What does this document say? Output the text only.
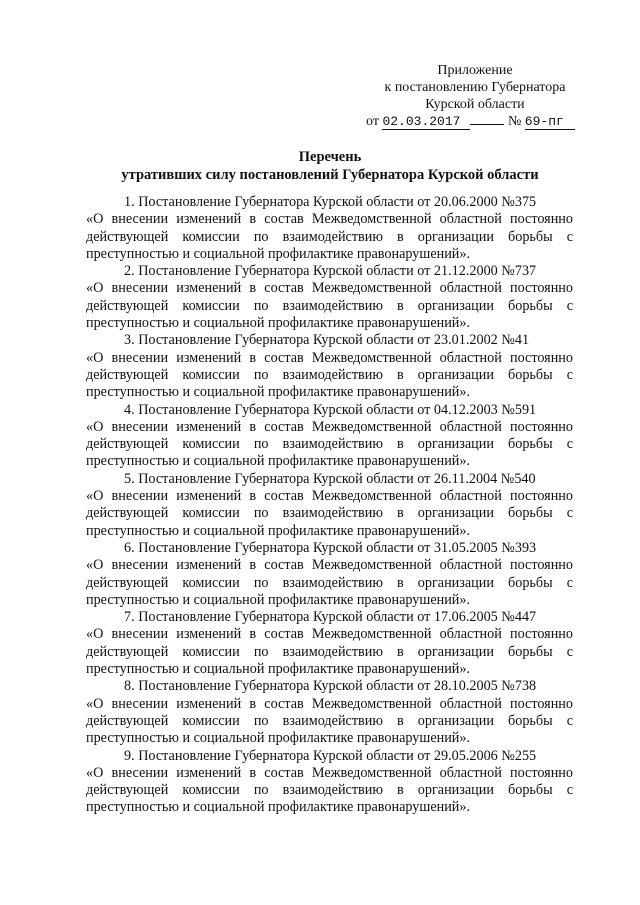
Приложение
к постановлению Губернатора
Курской области
от 02.03.2017	№ 69-пг
Перечень
утративших силу постановлений Губернатора Курской области
1. Постановление Губернатора Курской области от 20.06.2000 №375
«О внесении изменений в состав Межведомственной областной постоянно действующей комиссии по взаимодействию в организации борьбы с преступностью и социальной профилактике правонарушений».
2. Постановление Губернатора Курской области от 21.12.2000 №737
«О внесении изменений в состав Межведомственной областной постоянно действующей комиссии по взаимодействию в организации борьбы с преступностью и социальной профилактике правонарушений».
3. Постановление Губернатора Курской области от 23.01.2002 №41
«О внесении изменений в состав Межведомственной областной постоянно действующей комиссии по взаимодействию в организации борьбы с преступностью и социальной профилактике правонарушений».
4. Постановление Губернатора Курской области от 04.12.2003 №591
«О внесении изменений в состав Межведомственной областной постоянно действующей комиссии по взаимодействию в организации борьбы с преступностью и социальной профилактике правонарушений».
5. Постановление Губернатора Курской области от 26.11.2004 №540
«О внесении изменений в состав Межведомственной областной постоянно действующей комиссии по взаимодействию в организации борьбы с преступностью и социальной профилактике правонарушений».
6. Постановление Губернатора Курской области от 31.05.2005 №393
«О внесении изменений в состав Межведомственной областной постоянно действующей комиссии по взаимодействию в организации борьбы с преступностью и социальной профилактике правонарушений».
7. Постановление Губернатора Курской области от 17.06.2005 №447
«О внесении изменений в состав Межведомственной областной постоянно действующей комиссии по взаимодействию в организации борьбы с преступностью и социальной профилактике правонарушений».
8. Постановление Губернатора Курской области от 28.10.2005 №738
«О внесении изменений в состав Межведомственной областной постоянно действующей комиссии по взаимодействию в организации борьбы с преступностью и социальной профилактике правонарушений».
9. Постановление Губернатора Курской области от 29.05.2006 №255
«О внесении изменений в состав Межведомственной областной постоянно действующей комиссии по взаимодействию в организации борьбы с преступностью и социальной профилактике правонарушений».
